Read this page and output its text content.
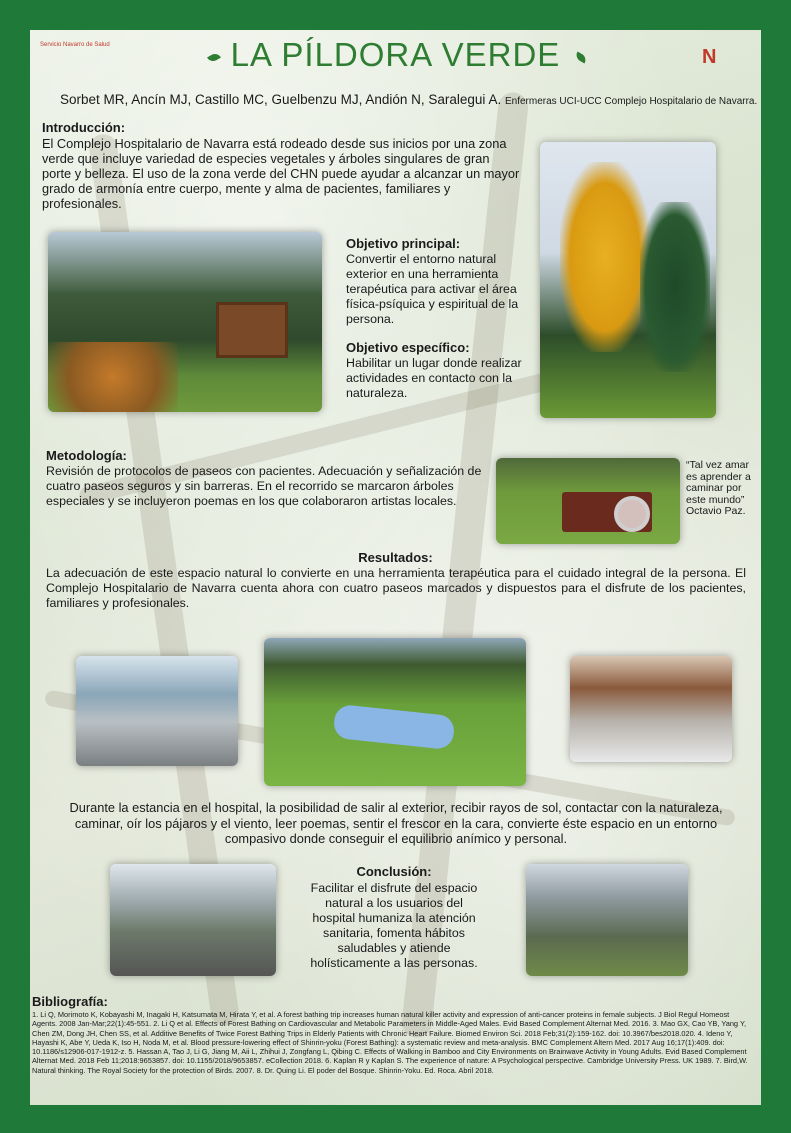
Servicio Navarro de Salud
N
LA PÍLDORA VERDE
Sorbet MR, Ancín MJ, Castillo MC, Guelbenzu MJ, Andión N, Saralegui A. Enfermeras UCI-UCC Complejo Hospitalario de Navarra.
Introducción:
El Complejo Hospitalario de Navarra está rodeado desde sus inicios por una zona verde que incluye variedad de especies vegetales y árboles singulares de gran porte y belleza. El uso de la zona verde del CHN puede ayudar a alcanzar un mayor grado de armonía entre cuerpo, mente y alma de pacientes, familiares y profesionales.
Objetivo principal:
Convertir el entorno natural exterior en una herramienta terapéutica para activar el área física-psíquica y espiritual de la persona.
Objetivo específico:
Habilitar un lugar donde realizar actividades en contacto con la naturaleza.
Metodología:
Revisión de protocolos de paseos con pacientes. Adecuación y señalización de cuatro paseos seguros y sin barreras. En el recorrido se marcaron árboles especiales y se incluyeron poemas en los que colaboraron artistas locales.
“Tal vez amar es aprender a caminar por este mundo” Octavio Paz.
Resultados:
La adecuación de este espacio natural lo convierte en una herramienta terapéutica para el cuidado integral de la persona. El Complejo Hospitalario de Navarra cuenta ahora con cuatro paseos marcados y dispuestos para el disfrute de los pacientes, familiares y profesionales.
Durante la estancia en el hospital, la posibilidad de salir al exterior, recibir rayos de sol, contactar con la naturaleza, caminar, oír los pájaros y el viento, leer poemas, sentir el frescor en la cara, convierte éste espacio en un entorno compasivo donde conseguir el equilibrio anímico y personal.
Conclusión:
Facilitar el disfrute del espacio natural a los usuarios del hospital humaniza la atención sanitaria, fomenta hábitos saludables y atiende holísticamente a las personas.
Bibliografía:
1. Li Q, Morimoto K, Kobayashi M, Inagaki H, Katsumata M, Hirata Y, et al. A forest bathing trip increases human natural killer activity and expression of anti-cancer proteins in female subjects. J Biol Regul Homeost Agents. 2008 Jan-Mar;22(1):45-551. 2. Li Q et al. Effects of Forest Bathing on Cardiovascular and Metabolic Parameters in Middle-Aged Males. Evid Based Complement Alternat Med. 2016. 3. Mao GX, Cao YB, Yang Y, Chen ZM, Dong JH, Chen SS, et al. Additive Benefits of Twice Forest Bathing Trips in Elderly Patients with Chronic Heart Failure. Biomed Environ Sci. 2018 Feb;31(2):159-162. doi: 10.3967/bes2018.020. 4. Ideno Y, Hayashi K, Abe Y, Ueda K, Iso H, Noda M, et al. Blood pressure-lowering effect of Shinrin-yoku (Forest Bathing): a systematic review and meta-analysis. BMC Complement Altern Med. 2017 Aug 16;17(1):409. doi: 10.1186/s12906-017-1912-z. 5. Hassan A, Tao J, Li G, Jiang M, Aii L, Zhihui J, Zongfang L, Qibing C. Effects of Walking in Bamboo and City Environments on Brainwave Activity in Young Adults. Evid Based Complement Alternat Med. 2018 Feb 11;2018:9653857. doi: 10.1155/2018/9653857. eCollection 2018. 6. Kaplan R y Kaplan S. The experience of nature: A Psychological perspective. Cambridge University Press. UK 1989. 7. Bird,W. Natural thinking. The Royal Society for the protection of Birds. 2007. 8. Dr. Quing Li. El poder del Bosque. Shinrin-Yoku. Ed. Roca. Abril 2018.
